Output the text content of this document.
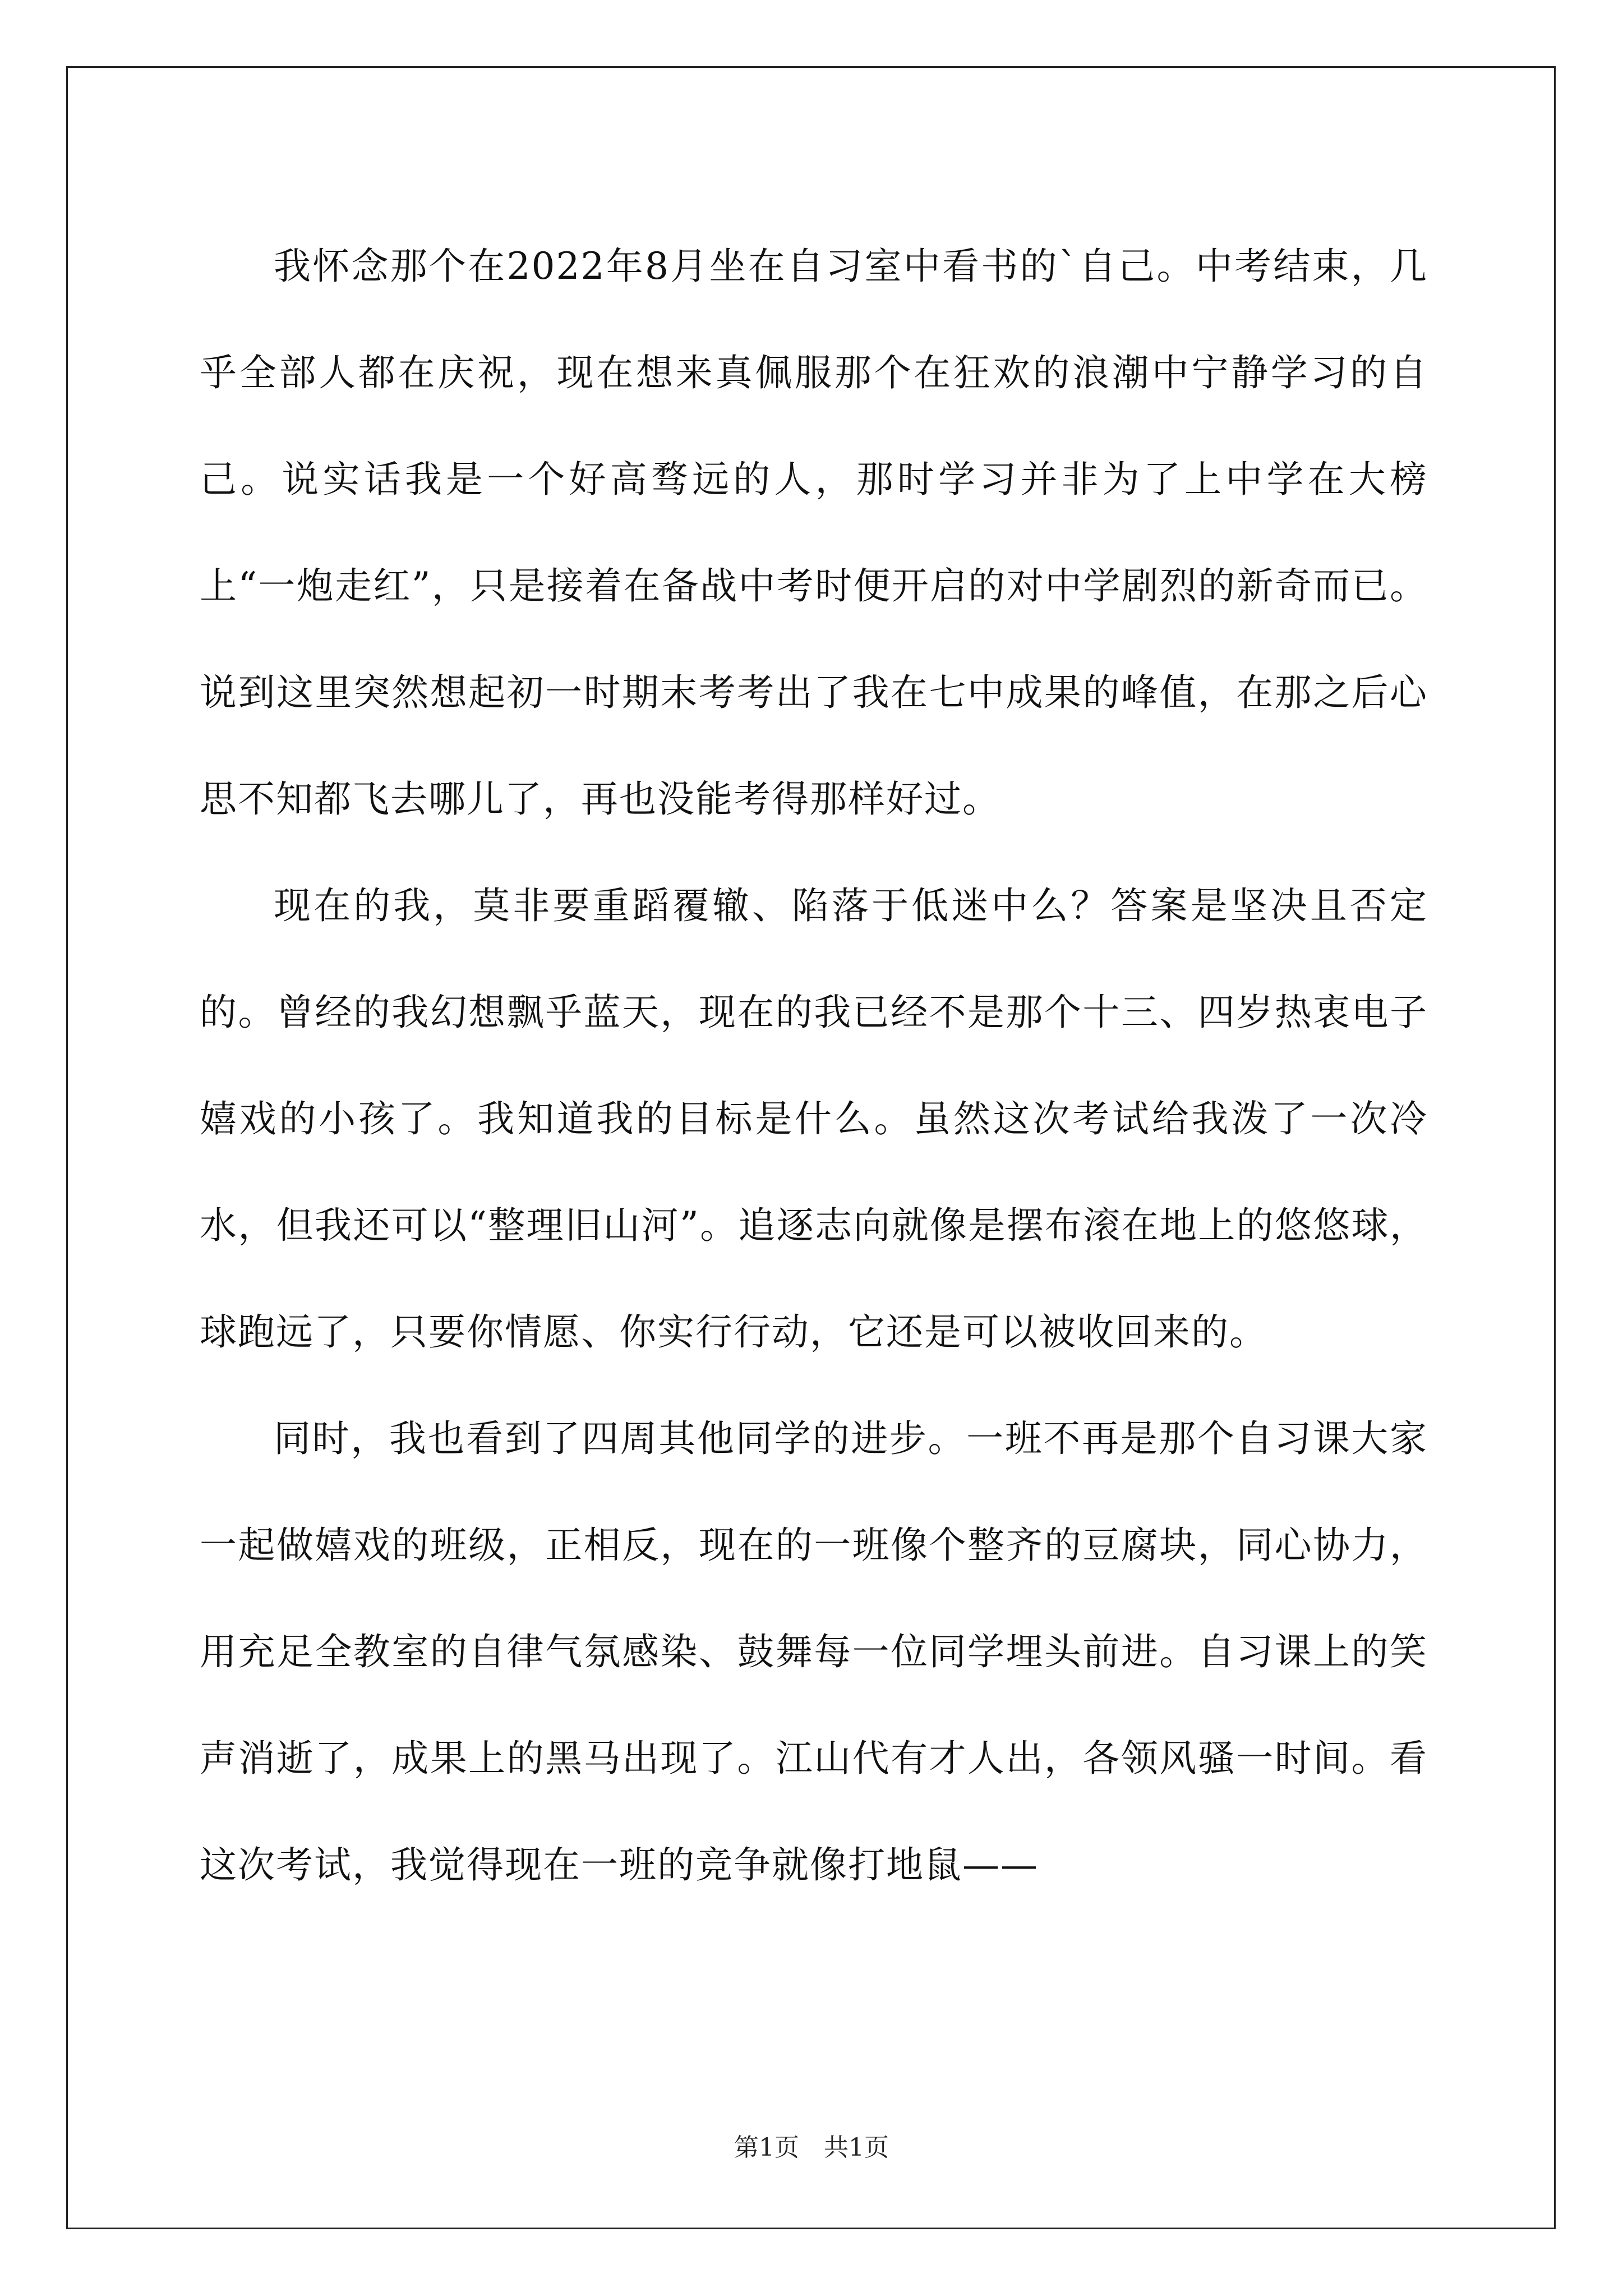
我怀念那个在2022年8月坐在自习室中看书的`自己。中考结束，几乎全部人都在庆祝，现在想来真佩服那个在狂欢的浪潮中宁静学习的自己。说实话我是一个好高骛远的人，那时学习并非为了上中学在大榜上“一炮走红”，只是接着在备战中考时便开启的对中学剧烈的新奇而已。说到这里突然想起初一时期末考考出了我在七中成果的峰值，在那之后心思不知都飞去哪儿了，再也没能考得那样好过。

现在的我，莫非要重蹈覆辙、陷落于低迷中么？答案是坚决且否定的。曾经的我幻想飘乎蓝天，现在的我已经不是那个十三、四岁热衷电子嬉戏的小孩了。我知道我的目标是什么。虽然这次考试给我泼了一次冷水，但我还可以“整理旧山河”。追逐志向就像是摆布滚在地上的悠悠球，球跑远了，只要你情愿、你实行行动，它还是可以被收回来的。

同时，我也看到了四周其他同学的进步。一班不再是那个自习课大家一起做嬉戏的班级，正相反，现在的一班像个整齐的豆腐块，同心协力，用充足全教室的自律气氛感染、鼓舞每一位同学埋头前进。自习课上的笑声消逝了，成果上的黑马出现了。江山代有才人出，各领风骚一时间。看这次考试，我觉得现在一班的竞争就像打地鼠——

第1页 共1页
